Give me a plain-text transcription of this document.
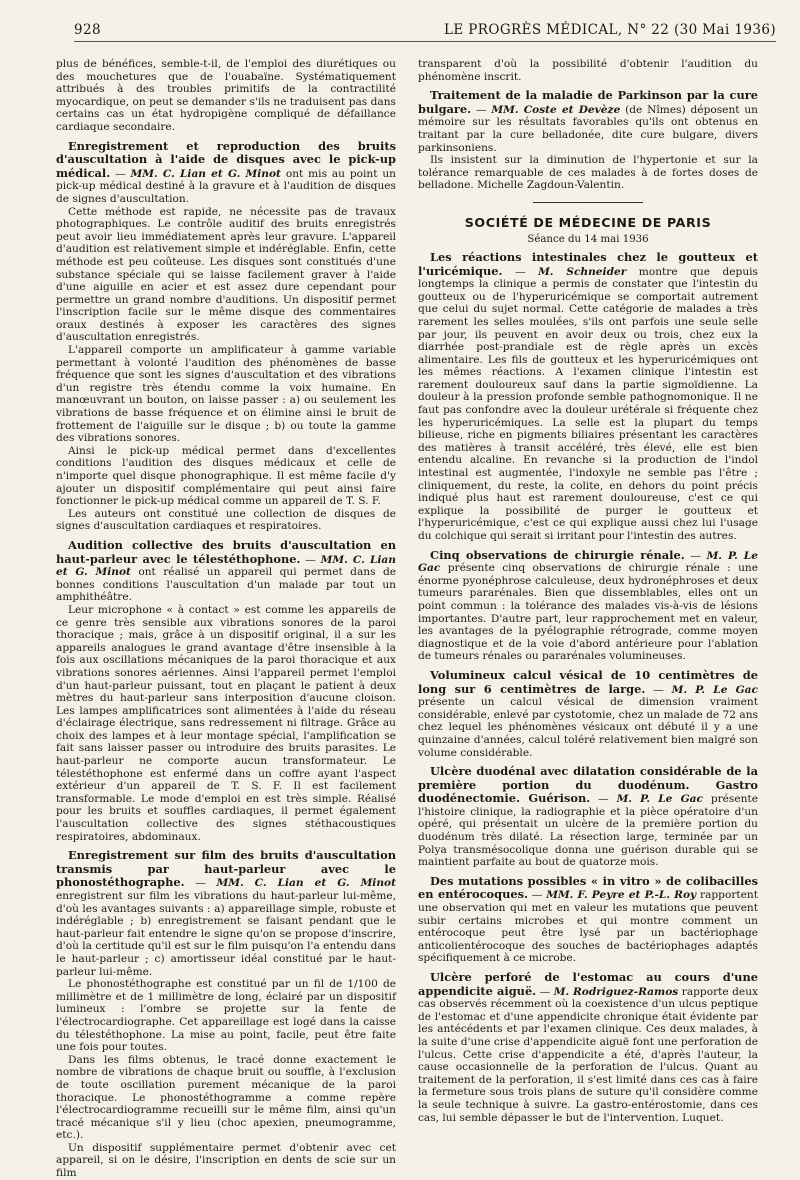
928	LE PROGRÈS MÉDICAL, N° 22 (30 Mai 1936)

plus de bénéfices, semble-t-il, de l'emploi des diurétiques ou des mouchetures que de l'ouabaïne. Systématiquement attribués à des troubles primitifs de la contractilité myocardique, on peut se demander s'ils ne traduisent pas dans certains cas un état hydropigène compliqué de défaillance cardiaque secondaire.

Enregistrement et reproduction des bruits d'auscultation à l'aide de disques avec le pick-up médical. — MM. C. Lian et G. Minot ont mis au point un pick-up médical destiné à la gravure et à l'audition de disques de signes d'auscultation.

Cette méthode est rapide, ne nécessite pas de travaux photographiques. Le contrôle auditif des bruits enregistrés peut avoir lieu immédiatement après leur gravure. L'appareil d'audition est relativement simple et indéréglable. Enfin, cette méthode est peu coûteuse. Les disques sont constitués d'une substance spéciale qui se laisse facilement graver à l'aide d'une aiguille en acier et est assez dure cependant pour permettre un grand nombre d'auditions. Un dispositif permet l'inscription facile sur le même disque des commentaires oraux destinés à exposer les caractères des signes d'auscultation enregistrés.

L'appareil comporte un amplificateur à gamme variable permettant à volonté l'audition des phénomènes de basse fréquence que sont les signes d'auscultation et des vibrations d'un registre très étendu comme la voix humaine. En manœuvrant un bouton, on laisse passer : a) ou seulement les vibrations de basse fréquence et on élimine ainsi le bruit de frottement de l'aiguille sur le disque ; b) ou toute la gamme des vibrations sonores.

Ainsi le pick-up médical permet dans d'excellentes conditions l'audition des disques médicaux et celle de n'importe quel disque phonographique. Il est même facile d'y ajouter un dispositif complémentaire qui peut ainsi faire fonctionner le pick-up médical comme un appareil de T. S. F.

Les auteurs ont constitué une collection de disques de signes d'auscultation cardiaques et respiratoires.

Audition collective des bruits d'auscultation en haut-parleur avec le télestéthophone. — MM. C. Lian et G. Minot ont réalisé un appareil qui permet dans de bonnes conditions l'auscultation d'un malade par tout un amphithéâtre.

Leur microphone « à contact » est comme les appareils de ce genre très sensible aux vibrations sonores de la paroi thoracique ; mais, grâce à un dispositif original, il a sur les appareils analogues le grand avantage d'être insensible à la fois aux oscillations mécaniques de la paroi thoracique et aux vibrations sonores aériennes. Ainsi l'appareil permet l'emploi d'un haut-parleur puissant, tout en plaçant le patient à deux mètres du haut-parleur sans interposition d'aucune cloison. Les lampes amplificatrices sont alimentées à l'aide du réseau d'éclairage électrique, sans redressement ni filtrage. Grâce au choix des lampes et à leur montage spécial, l'amplification se fait sans laisser passer ou introduire des bruits parasites. Le haut-parleur ne comporte aucun transformateur. Le télestéthophone est enfermé dans un coffre ayant l'aspect extérieur d'un appareil de T. S. F. Il est facilement transformable. Le mode d'emploi en est très simple. Réalisé pour les bruits et souffles cardiaques, il permet également l'auscultation collective des signes stéthacoustiques respiratoires, abdominaux.

Enregistrement sur film des bruits d'auscultation transmis par haut-parleur avec le phonostéthographe. — MM. C. Lian et G. Minot enregistrent sur film les vibrations du haut-parleur lui-même, d'où les avantages suivants : a) appareillage simple, robuste et indéréglable ; b) enregistrement se faisant pendant que le haut-parleur fait entendre le signe qu'on se propose d'inscrire, d'où la certitude qu'il est sur le film puisqu'on l'a entendu dans le haut-parleur ; c) amortisseur idéal constitué par le haut-parleur lui-même.

Le phonostéthographe est constitué par un fil de 1/100 de millimètre et de 1 millimètre de long, éclairé par un dispositif lumineux : l'ombre se projette sur la fente de l'électrocardiographe. Cet appareillage est logé dans la caisse du télestéthophone. La mise au point, facile, peut être faite une fois pour toutes.

Dans les films obtenus, le tracé donne exactement le nombre de vibrations de chaque bruit ou souffle, à l'exclusion de toute oscillation purement mécanique de la paroi thoracique. Le phonostéthogramme a comme repère l'électrocardiogramme recueilli sur le même film, ainsi qu'un tracé mécanique s'il y lieu (choc apexien, pneumogramme, etc.).

Un dispositif supplémentaire permet d'obtenir avec cet appareil, si on le désire, l'inscription en dents de scie sur un film

transparent d'où la possibilité d'obtenir l'audition du phénomène inscrit.

Traitement de la maladie de Parkinson par la cure bulgare. — MM. Coste et Devèze (de Nîmes) déposent un mémoire sur les résultats favorables qu'ils ont obtenus en traitant par la cure belladonée, dite cure bulgare, divers parkinsoniens.

Ils insistent sur la diminution de l'hypertonie et sur la tolérance remarquable de ces malades à de fortes doses de belladone. Michelle Zagdoun-Valentin.

SOCIÉTÉ DE MÉDECINE DE PARIS
Séance du 14 mai 1936

Les réactions intestinales chez le goutteux et l'uricémique. — M. Schneider montre que depuis longtemps la clinique a permis de constater que l'intestin du goutteux ou de l'hyperuricémique se comportait autrement que celui du sujet normal. Cette catégorie de malades a très rarement les selles moulées, s'ils ont parfois une seule selle par jour, ils peuvent en avoir deux ou trois, chez eux la diarrhée post-prandiale est de règle après un excès alimentaire. Les fils de goutteux et les hyperuricémiques ont les mêmes réactions. A l'examen clinique l'intestin est rarement douloureux sauf dans la partie sigmoïdienne. La douleur à la pression profonde semble pathognomonique. Il ne faut pas confondre avec la douleur urétérale si fréquente chez les hyperuricémiques. La selle est la plupart du temps bilieuse, riche en pigments biliaires présentant les caractères des matières à transit accéléré, très élevé, elle est bien entendu alcaline. En revanche si la production de l'indol intestinal est augmentée, l'indoxyle ne semble pas l'être ; cliniquement, du reste, la colite, en dehors du point précis indiqué plus haut est rarement douloureuse, c'est ce qui explique la possibilité de purger le goutteux et l'hyperuricémique, c'est ce qui explique aussi chez lui l'usage du colchique qui serait si irritant pour l'intestin des autres.

Cinq observations de chirurgie rénale. — M. P. Le Gac présente cinq observations de chirurgie rénale : une énorme pyonéphrose calculeuse, deux hydronéphroses et deux tumeurs pararénales. Bien que dissemblables, elles ont un point commun : la tolérance des malades vis-à-vis de lésions importantes. D'autre part, leur rapprochement met en valeur, les avantages de la pyélographie rétrograde, comme moyen diagnostique et de la voie d'abord antérieure pour l'ablation de tumeurs rénales ou pararénales volumineuses.

Volumineux calcul vésical de 10 centimètres de long sur 6 centimètres de large. — M. P. Le Gac présente un calcul vésical de dimension vraiment considérable, enlevé par cystotomie, chez un malade de 72 ans chez lequel les phénomènes vésicaux ont débuté il y a une quinzaine d'années, calcul toléré relativement bien malgré son volume considérable.

Ulcère duodénal avec dilatation considérable de la première portion du duodénum. Gastro duodénectomie. Guérison. — M. P. Le Gac présente l'histoire clinique, la radiographie et la pièce opératoire d'un opéré, qui présentait un ulcère de la première portion du duodénum très dilaté. La résection large, terminée par un Polya transmésocolique donna une guérison durable qui se maintient parfaite au bout de quatorze mois.

Des mutations possibles « in vitro » de colibacilles en entérocoques. — MM. F. Peyre et P.-L. Roy rapportent une observation qui met en valeur les mutations que peuvent subir certains microbes et qui montre comment un entérocoque peut être lysé par un bactériophage anticolientérocoque des souches de bactériophages adaptés spécifiquement à ce microbe.

Ulcère perforé de l'estomac au cours d'une appendicite aiguë. — M. Rodriguez-Ramos rapporte deux cas observés récemment où la coexistence d'un ulcus peptique de l'estomac et d'une appendicite chronique était évidente par les antécédents et par l'examen clinique. Ces deux malades, à la suite d'une crise d'appendicite aiguë font une perforation de l'ulcus. Cette crise d'appendicite a été, d'après l'auteur, la cause occasionnelle de la perforation de l'ulcus. Quant au traitement de la perforation, il s'est limité dans ces cas à faire la fermeture sous trois plans de suture qu'il considère comme la seule technique à suivre. La gastro-entérostomie, dans ces cas, lui semble dépasser le but de l'intervention. Luquet.
